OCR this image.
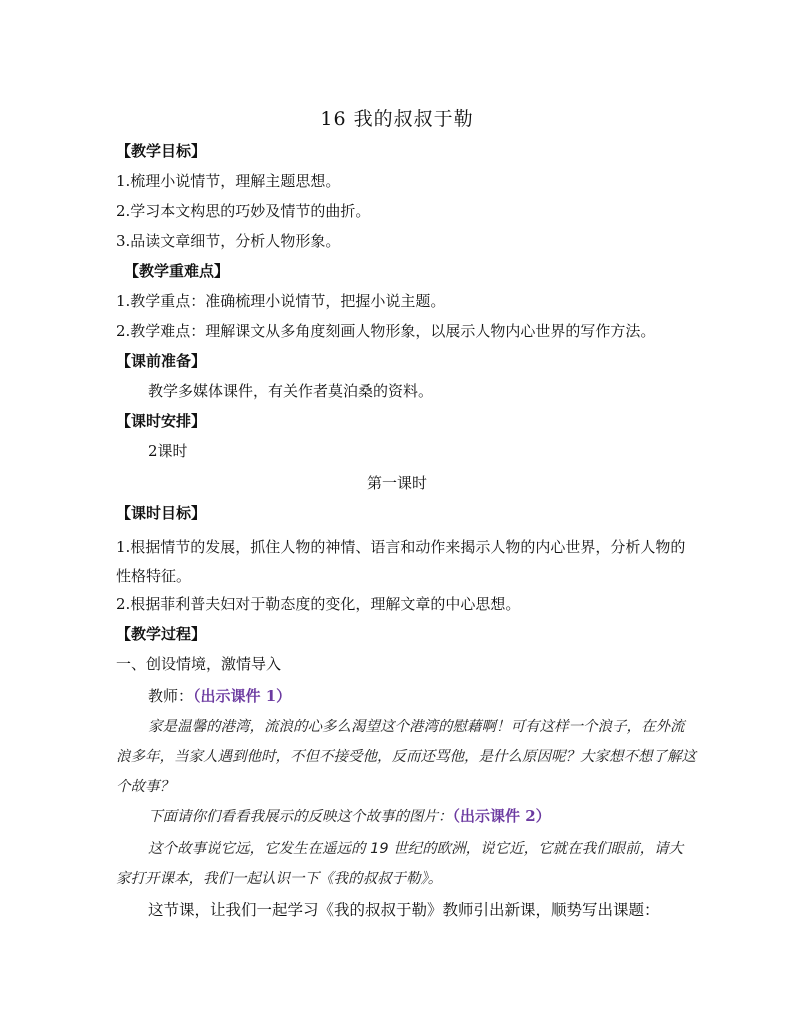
16 我的叔叔于勒
【教学目标】
1.梳理小说情节，理解主题思想。
2.学习本文构思的巧妙及情节的曲折。
3.品读文章细节，分析人物形象。
【教学重难点】
1.教学重点：准确梳理小说情节，把握小说主题。
2.教学难点：理解课文从多角度刻画人物形象，以展示人物内心世界的写作方法。
【课前准备】
教学多媒体课件，有关作者莫泊桑的资料。
【课时安排】
2课时
第一课时
【课时目标】
1.根据情节的发展，抓住人物的神情、语言和动作来揭示人物的内心世界，分析人物的性格特征。
2.根据菲利普夫妇对于勒态度的变化，理解文章的中心思想。
【教学过程】
一、创设情境，激情导入
教师：（出示课件 1）
家是温馨的港湾，流浪的心多么渴望这个港湾的慰藉啊！可有这样一个浪子，在外流浪多年，当家人遇到他时，不但不接受他，反而还骂他，是什么原因呢？大家想不想了解这个故事？
下面请你们看看我展示的反映这个故事的图片：（出示课件 2）
这个故事说它远，它发生在遥远的 19 世纪的欧洲，说它近，它就在我们眼前，请大家打开课本，我们一起认识一下《我的叔叔于勒》。
这节课，让我们一起学习《我的叔叔于勒》教师引出新课，顺势写出课题：
